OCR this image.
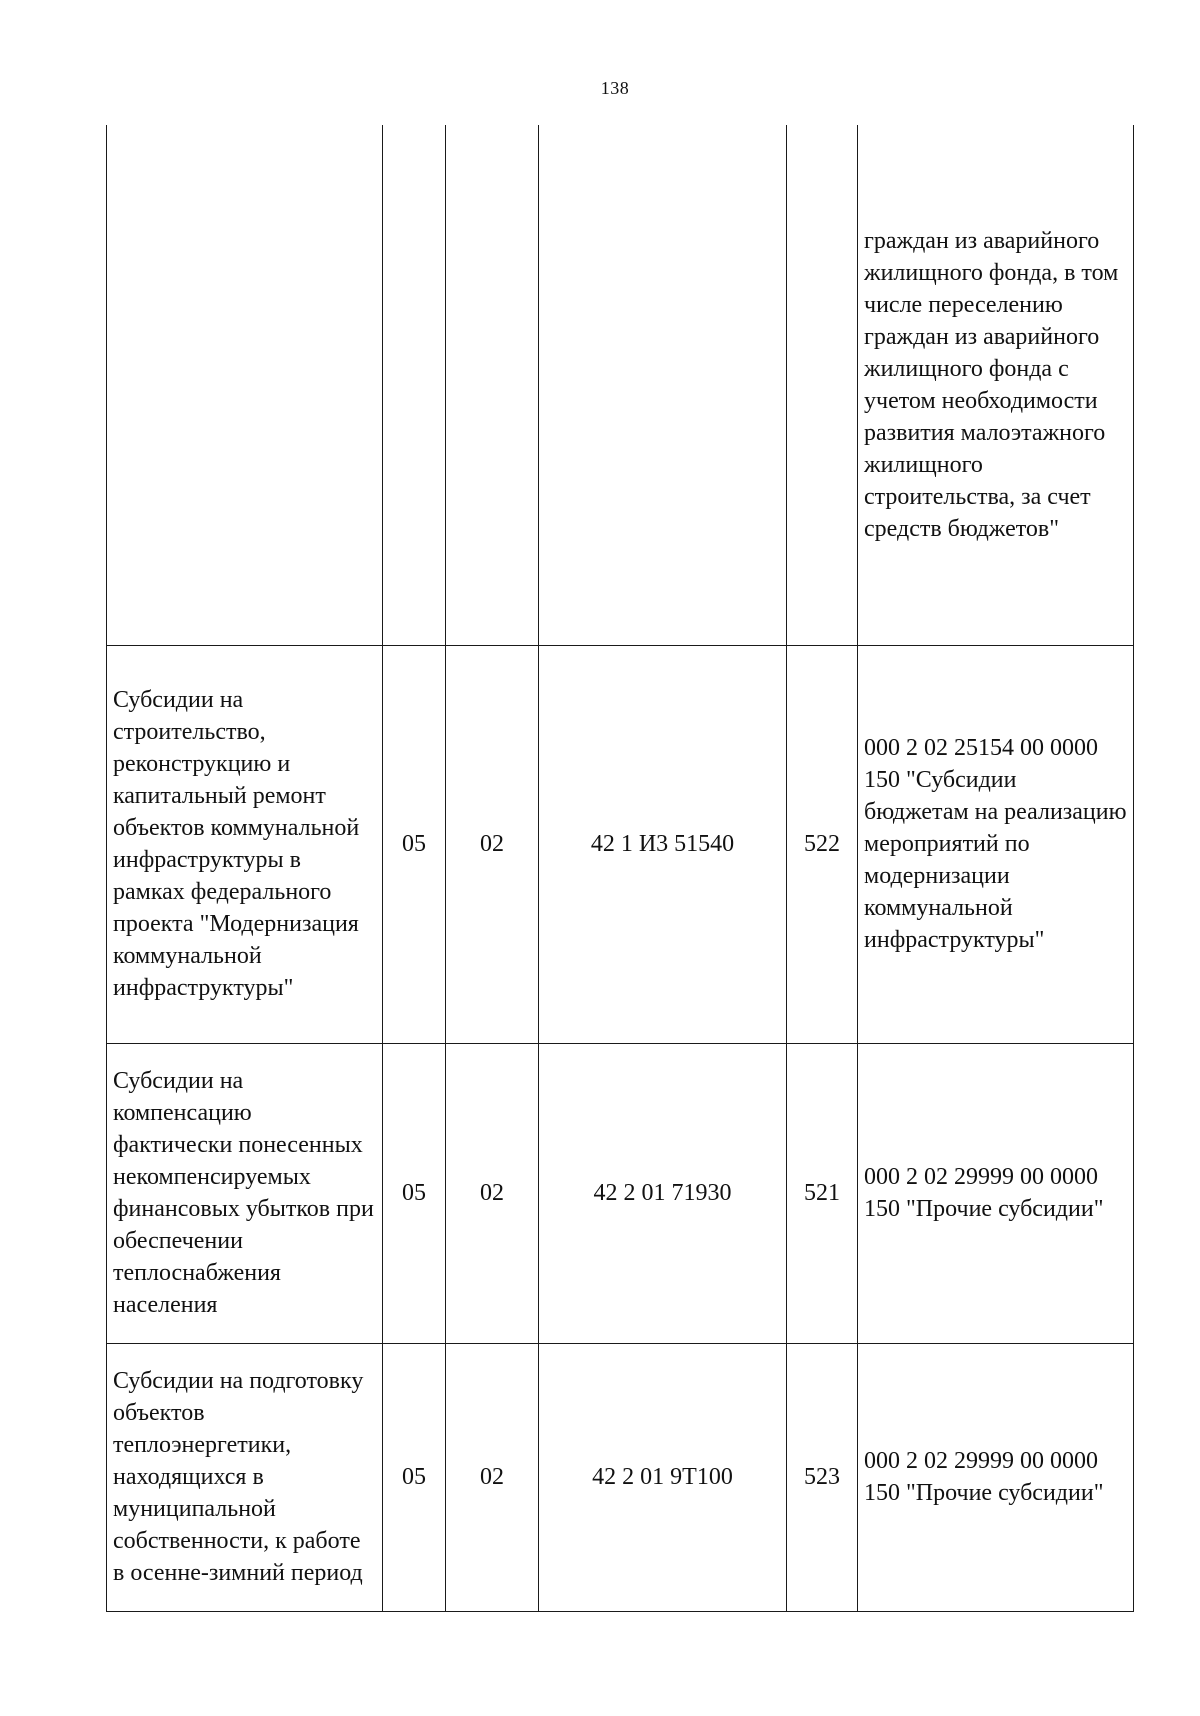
138

					граждан из аварийного жилищного фонда, в том числе переселению граждан из аварийного жилищного фонда с учетом необходимости развития малоэтажного жилищного строительства, за счет средств бюджетов"

Субсидии на строительство, реконструкцию и капитальный ремонт объектов коммунальной инфраструктуры в рамках федерального проекта "Модернизация коммунальной инфраструктуры"	05	02	42 1 И3 51540	522	000 2 02 25154 00 0000 150 "Субсидии бюджетам на реализацию мероприятий по модернизации коммунальной инфраструктуры"

Субсидии на компенсацию фактически понесенных некомпенсируемых финансовых убытков при обеспечении теплоснабжения населения	05	02	42 2 01 71930	521	000 2 02 29999 00 0000 150 "Прочие субсидии"

Субсидии на подготовку объектов теплоэнергетики, находящихся в муниципальной собственности, к работе в осенне-зимний период	05	02	42 2 01 9Т100	523	000 2 02 29999 00 0000 150 "Прочие субсидии"
